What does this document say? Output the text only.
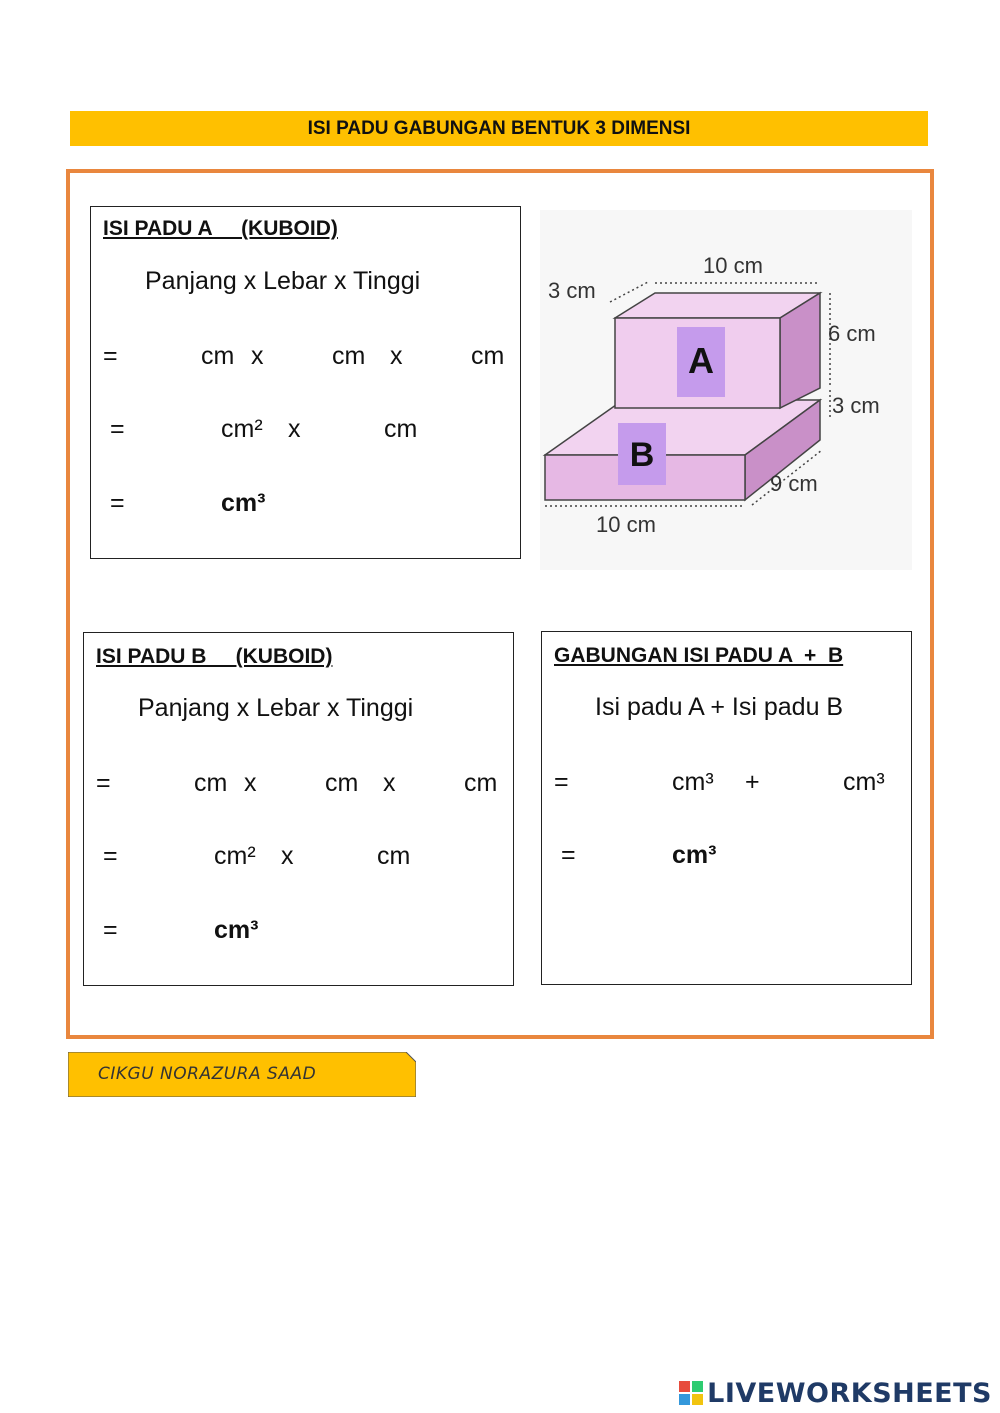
ISI PADU GABUNGAN BENTUK 3 DIMENSI
ISI PADU A     (KUBOID)
Panjang x Lebar x Tinggi
=	cm x	cm x	cm
=	cm² x	cm
=	cm³
A
B
10 cm
3 cm
6 cm
3 cm
9 cm
10 cm
ISI PADU B     (KUBOID)
Panjang x Lebar x Tinggi
=	cm x	cm x	cm
=	cm² x	cm
=	cm³
GABUNGAN ISI PADU A  +  B
Isi padu A + Isi padu B
=	cm³ +	cm³
=	cm³
CIKGU NORAZURA SAAD
LIVEWORKSHEETS
